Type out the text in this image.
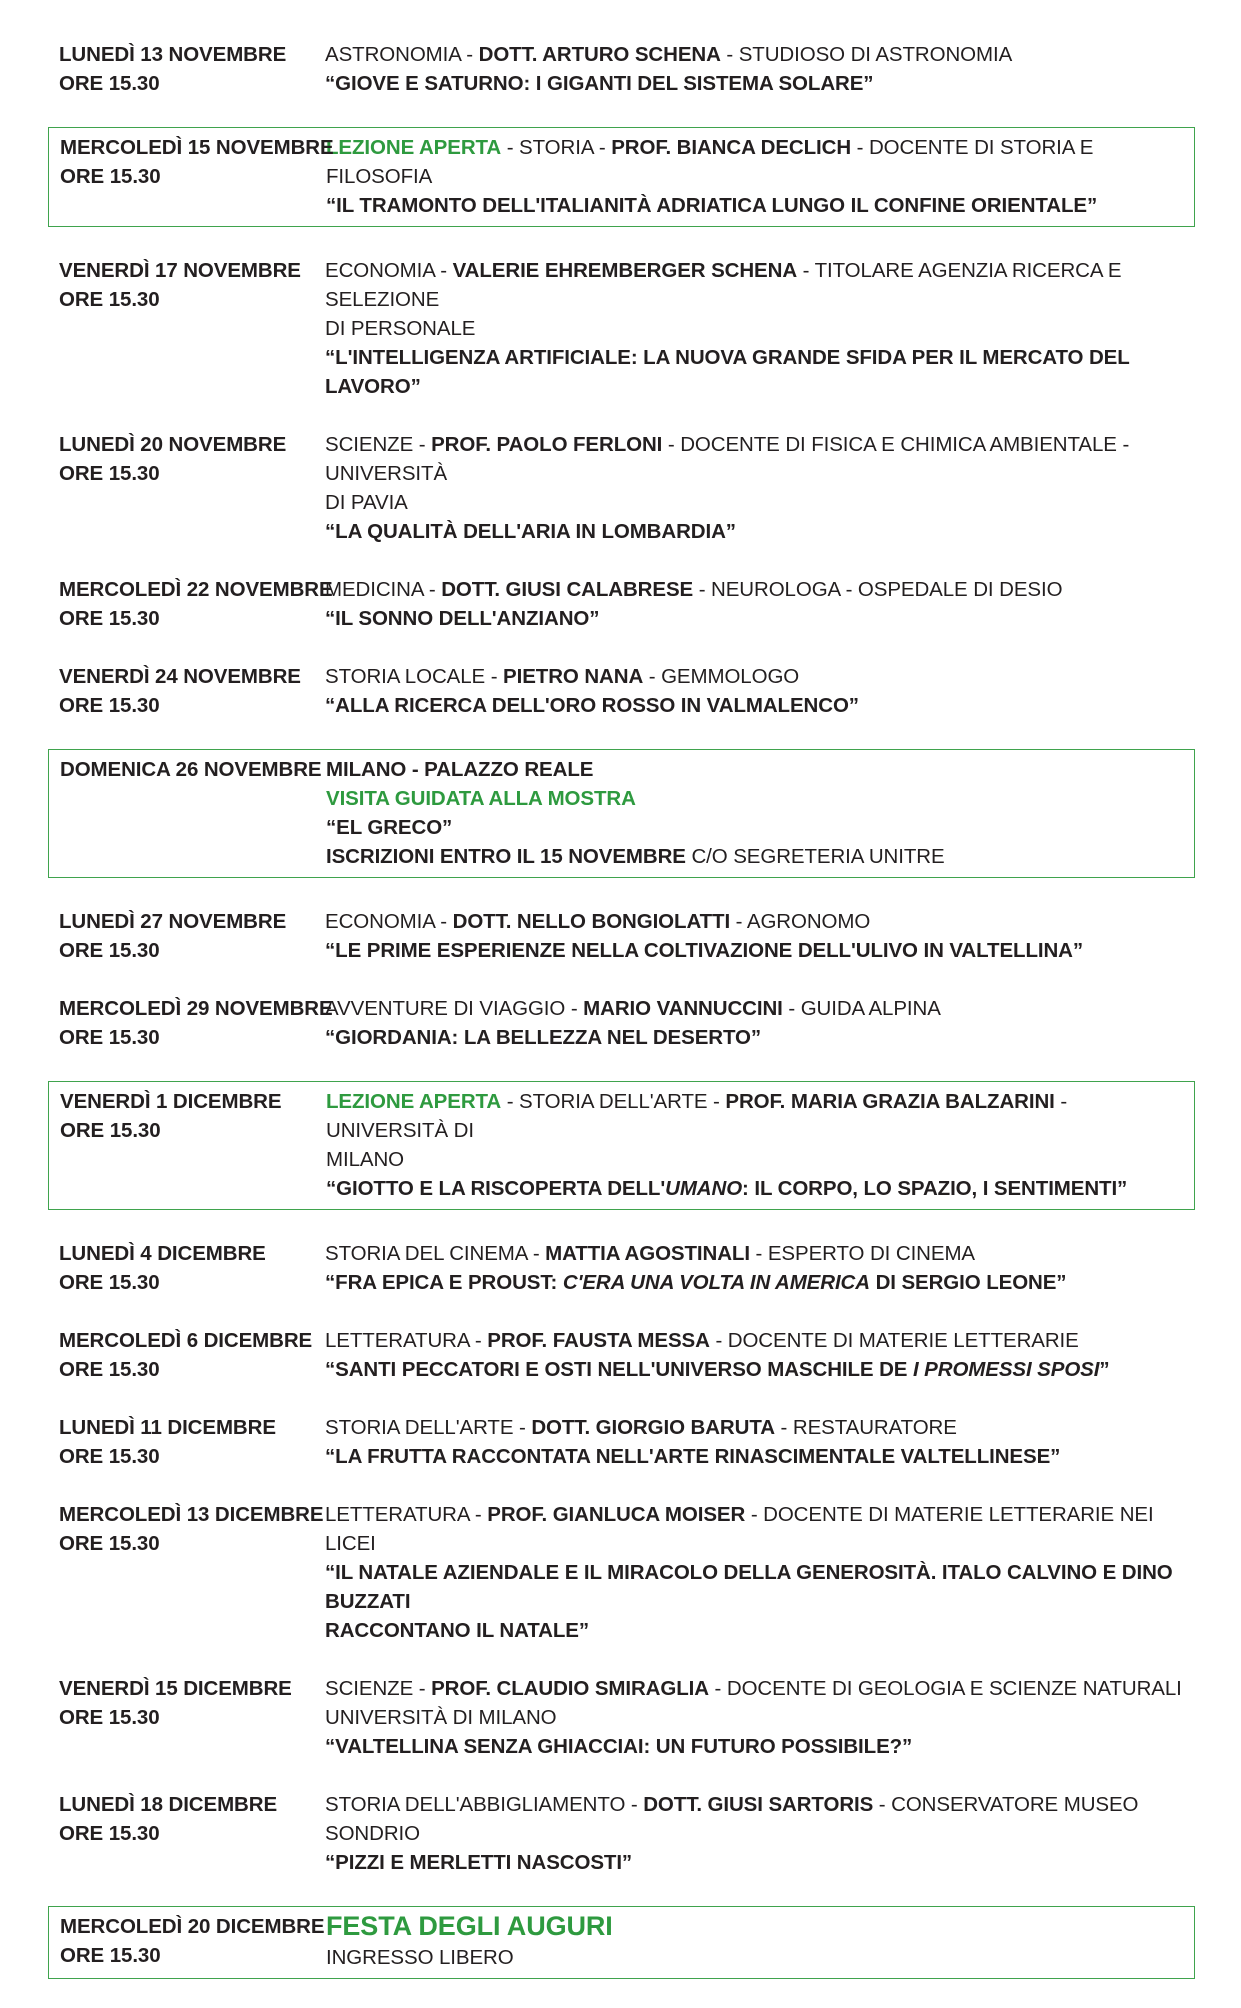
LUNEDÌ 13 NOVEMBRE
ORE 15.30
ASTRONOMIA - DOTT. ARTURO SCHENA - STUDIOSO DI ASTRONOMIA
“GIOVE E SATURNO: I GIGANTI DEL SISTEMA SOLARE”
MERCOLEDÌ 15 NOVEMBRE
ORE 15.30
LEZIONE APERTA - STORIA - PROF. BIANCA DECLICH - DOCENTE DI STORIA E FILOSOFIA
“IL TRAMONTO DELL'ITALIANITÀ ADRIATICA LUNGO IL CONFINE ORIENTALE”
VENERDÌ 17 NOVEMBRE
ORE 15.30
ECONOMIA - VALERIE EHREMBERGER SCHENA - TITOLARE AGENZIA RICERCA E SELEZIONE
DI PERSONALE
“L'INTELLIGENZA ARTIFICIALE: LA NUOVA GRANDE SFIDA PER IL MERCATO DEL LAVORO”
LUNEDÌ 20 NOVEMBRE
ORE 15.30
SCIENZE - PROF. PAOLO FERLONI - DOCENTE DI FISICA E CHIMICA AMBIENTALE - UNIVERSITÀ
DI PAVIA
“LA QUALITÀ DELL'ARIA IN LOMBARDIA”
MERCOLEDÌ 22 NOVEMBRE
ORE 15.30
MEDICINA - DOTT. GIUSI CALABRESE - NEUROLOGA - OSPEDALE DI DESIO
“IL SONNO DELL'ANZIANO”
VENERDÌ 24 NOVEMBRE
ORE 15.30
STORIA LOCALE - PIETRO NANA - GEMMOLOGO
“ALLA RICERCA DELL'ORO ROSSO IN VALMALENCO”
DOMENICA 26 NOVEMBRE MILANO - PALAZZO REALE
VISITA GUIDATA ALLA MOSTRA
“EL GRECO”
ISCRIZIONI ENTRO IL 15 NOVEMBRE C/O SEGRETERIA UNITRE
LUNEDÌ 27 NOVEMBRE
ORE 15.30
ECONOMIA - DOTT. NELLO BONGIOLATTI - AGRONOMO
“LE PRIME ESPERIENZE NELLA COLTIVAZIONE DELL'ULIVO IN VALTELLINA”
MERCOLEDÌ 29 NOVEMBRE
ORE 15.30
AVVENTURE DI VIAGGIO - MARIO VANNUCCINI - GUIDA ALPINA
“GIORDANIA: LA BELLEZZA NEL DESERTO”
VENERDÌ 1 DICEMBRE
ORE 15.30
LEZIONE APERTA - STORIA DELL'ARTE - PROF. MARIA GRAZIA BALZARINI - UNIVERSITÀ DI
MILANO
“GIOTTO E LA RISCOPERTA DELL'UMANO: IL CORPO, LO SPAZIO, I SENTIMENTI”
LUNEDÌ 4 DICEMBRE
ORE 15.30
STORIA DEL CINEMA - MATTIA AGOSTINALI - ESPERTO DI CINEMA
“FRA EPICA E PROUST: C'ERA UNA VOLTA IN AMERICA DI SERGIO LEONE”
MERCOLEDÌ 6 DICEMBRE
ORE 15.30
LETTERATURA - PROF. FAUSTA MESSA - DOCENTE DI MATERIE LETTERARIE
“SANTI PECCATORI E OSTI NELL'UNIVERSO MASCHILE DE I PROMESSI SPOSI”
LUNEDÌ 11 DICEMBRE
ORE 15.30
STORIA DELL'ARTE - DOTT. GIORGIO BARUTA - RESTAURATORE
“LA FRUTTA RACCONTATA NELL'ARTE RINASCIMENTALE VALTELLINESE”
MERCOLEDÌ 13 DICEMBRE
ORE 15.30
LETTERATURA - PROF. GIANLUCA MOISER - DOCENTE DI MATERIE LETTERARIE NEI LICEI
“IL NATALE AZIENDALE E IL MIRACOLO DELLA GENEROSITÀ. ITALO CALVINO E DINO BUZZATI
RACCONTANO IL NATALE”
VENERDÌ 15 DICEMBRE
ORE 15.30
SCIENZE - PROF. CLAUDIO SMIRAGLIA - DOCENTE DI GEOLOGIA E SCIENZE NATURALI
UNIVERSITÀ DI MILANO
“VALTELLINA SENZA GHIACCIAI: UN FUTURO POSSIBILE?”
LUNEDÌ 18 DICEMBRE
ORE 15.30
STORIA DELL'ABBIGLIAMENTO - DOTT. GIUSI SARTORIS - CONSERVATORE MUSEO SONDRIO
“PIZZI E MERLETTI NASCOSTI”
MERCOLEDÌ 20 DICEMBRE
ORE 15.30
FESTA DEGLI AUGURI
INGRESSO LIBERO
